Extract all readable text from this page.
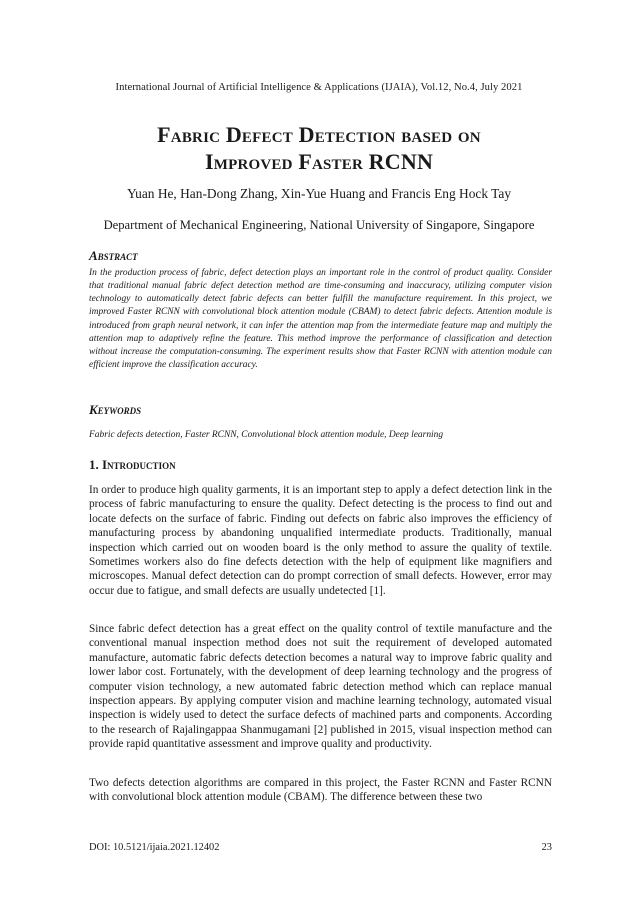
International Journal of Artificial Intelligence & Applications (IJAIA), Vol.12, No.4, July 2021
Fabric Defect Detection based on
Improved Faster RCNN
Yuan He, Han-Dong Zhang, Xin-Yue Huang and Francis Eng Hock Tay
Department of Mechanical Engineering, National University of Singapore, Singapore
Abstract
In the production process of fabric, defect detection plays an important role in the control of product quality. Consider that traditional manual fabric defect detection method are time-consuming and inaccuracy, utilizing computer vision technology to automatically detect fabric defects can better fulfill the manufacture requirement. In this project, we improved Faster RCNN with convolutional block attention module (CBAM) to detect fabric defects. Attention module is introduced from graph neural network, it can infer the attention map from the intermediate feature map and multiply the attention map to adaptively refine the feature. This method improve the performance of classification and detection without increase the computation-consuming. The experiment results show that Faster RCNN with attention module can efficient improve the classification accuracy.
Keywords
Fabric defects detection, Faster RCNN, Convolutional block attention module, Deep learning
1. Introduction
In order to produce high quality garments, it is an important step to apply a defect detection link in the process of fabric manufacturing to ensure the quality. Defect detecting is the process to find out and locate defects on the surface of fabric. Finding out defects on fabric also improves the efficiency of manufacturing process by abandoning unqualified intermediate products. Traditionally, manual inspection which carried out on wooden board is the only method to assure the quality of textile. Sometimes workers also do fine defects detection with the help of equipment like magnifiers and microscopes. Manual defect detection can do prompt correction of small defects. However, error may occur due to fatigue, and small defects are usually undetected [1].
Since fabric defect detection has a great effect on the quality control of textile manufacture and the conventional manual inspection method does not suit the requirement of developed automated manufacture, automatic fabric defects detection becomes a natural way to improve fabric quality and lower labor cost. Fortunately, with the development of deep learning technology and the progress of computer vision technology, a new automated fabric detection method which can replace manual inspection appears. By applying computer vision and machine learning technology, automated visual inspection is widely used to detect the surface defects of machined parts and components. According to the research of Rajalingappaa Shanmugamani [2] published in 2015, visual inspection method can provide rapid quantitative assessment and improve quality and productivity.
Two defects detection algorithms are compared in this project, the Faster RCNN and Faster RCNN with convolutional block attention module (CBAM). The difference between these two
DOI: 10.5121/ijaia.2021.12402	23
